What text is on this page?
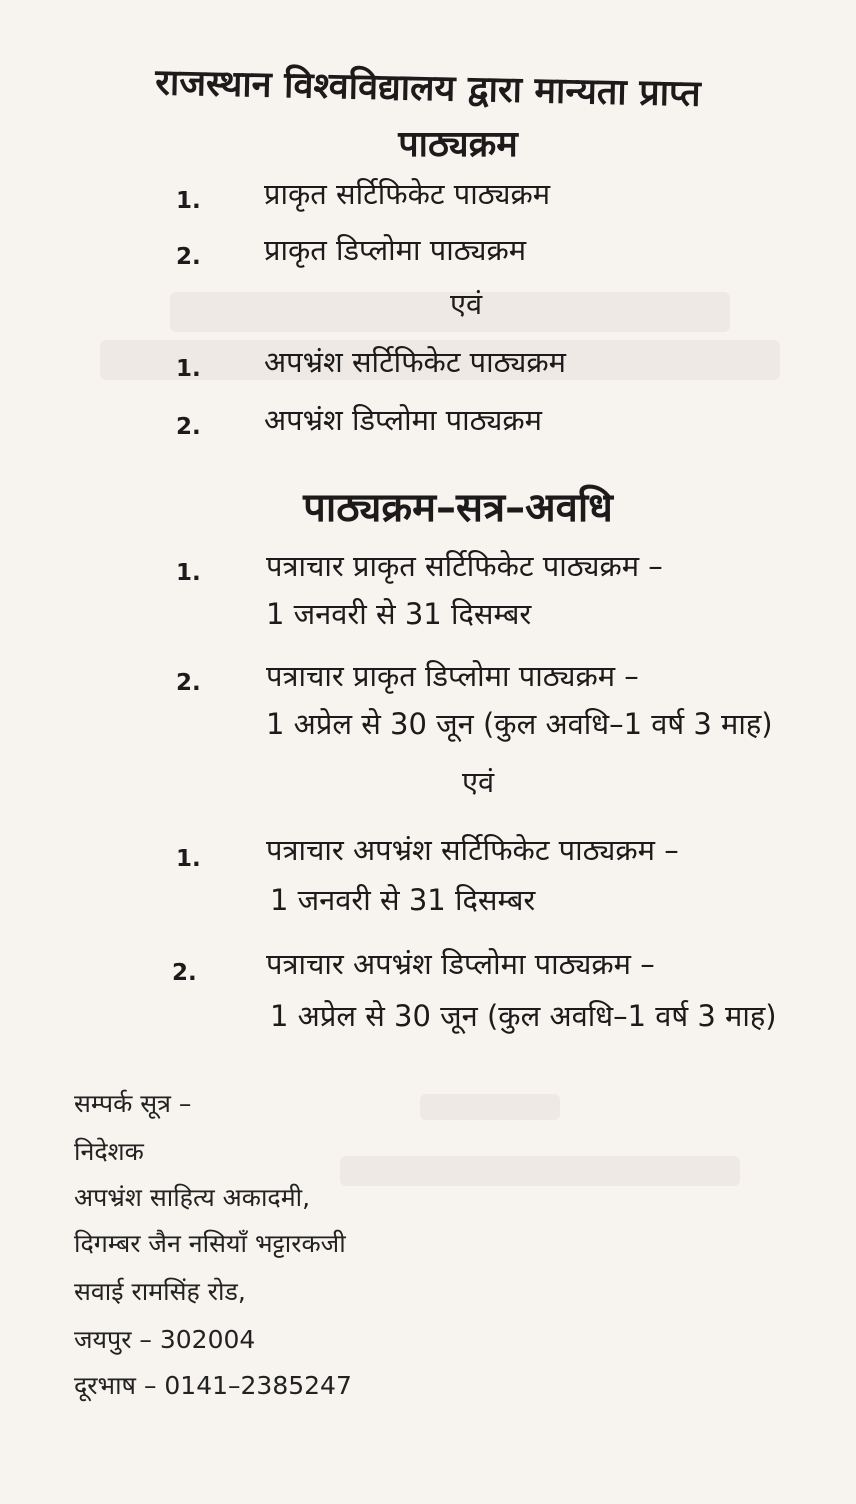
राजस्थान विश्वविद्यालय द्वारा मान्यता प्राप्त
पाठ्यक्रम
1. प्राकृत सर्टिफिकेट पाठ्यक्रम
2. प्राकृत डिप्लोमा पाठ्यक्रम
एवं
1. अपभ्रंश सर्टिफिकेट पाठ्यक्रम
2. अपभ्रंश डिप्लोमा पाठ्यक्रम
पाठ्यक्रम–सत्र–अवधि
1. पत्राचार प्राकृत सर्टिफिकेट पाठ्यक्रम –
1 जनवरी से 31 दिसम्बर
2. पत्राचार प्राकृत डिप्लोमा पाठ्यक्रम –
1 अप्रेल से 30 जून (कुल अवधि–1 वर्ष 3 माह)
एवं
1. पत्राचार अपभ्रंश सर्टिफिकेट पाठ्यक्रम –
1 जनवरी से 31 दिसम्बर
2. पत्राचार अपभ्रंश डिप्लोमा पाठ्यक्रम –
1 अप्रेल से 30 जून (कुल अवधि–1 वर्ष 3 माह)
सम्पर्क सूत्र –
निदेशक
अपभ्रंश साहित्य अकादमी,
दिगम्बर जैन नसियाँ भट्टारकजी
सवाई रामसिंह रोड,
जयपुर – 302004
दूरभाष – 0141–2385247
